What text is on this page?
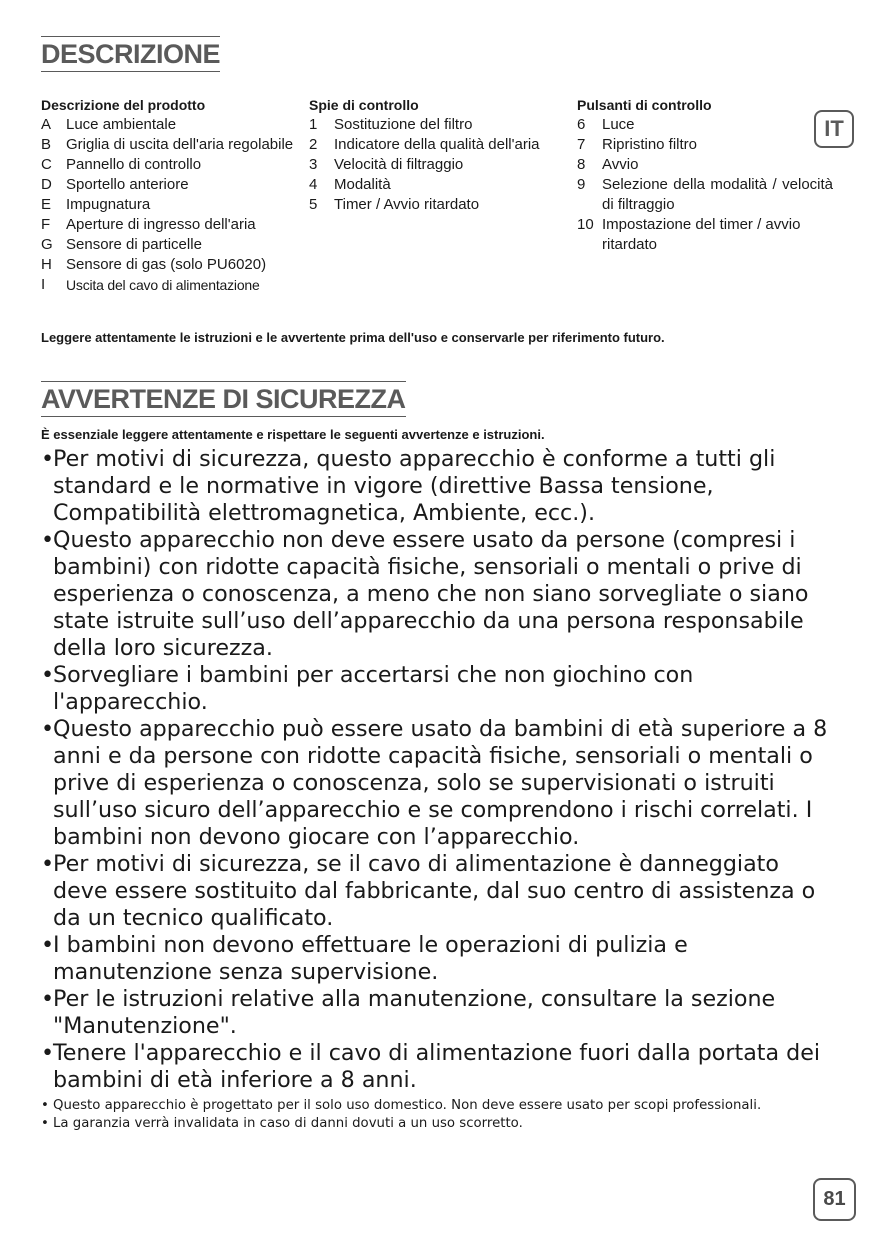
DESCRIZIONE
IT
Descrizione del prodotto
A Luce ambientale
B Griglia di uscita dell'aria regolabile
C Pannello di controllo
D Sportello anteriore
E Impugnatura
F	Aperture di ingresso dell'aria
G Sensore di particelle
H Sensore di gas (solo PU6020)
I	Uscita del cavo di alimentazione
Spie di controllo
1	Sostituzione del filtro
2	Indicatore della qualità dell'aria
3	Velocità di filtraggio
4	Modalità
5	Timer / Avvio ritardato
Pulsanti di controllo
6	Luce
7	Ripristino filtro
8	Avvio
9	Selezione della modalità / velocità di filtraggio
10 Impostazione del timer / avvio ritardato
Leggere attentamente le istruzioni e le avvertente prima dell'uso e conservarle per riferimento futuro.
AVVERTENZE DI SICUREZZA
È essenziale leggere attentamente e rispettare le seguenti avvertenze e istruzioni.
• Per motivi di sicurezza, questo apparecchio è conforme a tutti gli standard e le normative in vigore (direttive Bassa tensione, Compatibilità elettromagnetica, Ambiente, ecc.).
• Questo apparecchio non deve essere usato da persone (compresi i bambini) con ridotte capacità fisiche, sensoriali o mentali o prive di esperienza o conoscenza, a meno che non siano sorvegliate o siano state istruite sull’uso dell’apparecchio da una persona responsabile della loro sicurezza.
• Sorvegliare i bambini per accertarsi che non giochino con l'apparecchio.
• Questo apparecchio può essere usato da bambini di età superiore a 8 anni e da persone con ridotte capacità fisiche, sensoriali o mentali o prive di esperienza o conoscenza, solo se supervisionati o istruiti sull’uso sicuro dell’apparecchio e se comprendono i rischi correlati. I bambini non devono giocare con l’apparecchio.
• Per motivi di sicurezza, se il cavo di alimentazione è danneggiato deve essere sostituito dal fabbricante, dal suo centro di assistenza o da un tecnico qualificato.
• I bambini non devono effettuare le operazioni di pulizia e manutenzione senza supervisione.
• Per le istruzioni relative alla manutenzione, consultare la sezione "Manutenzione".
• Tenere l'apparecchio e il cavo di alimentazione fuori dalla portata dei bambini di età inferiore a 8 anni.
• Questo apparecchio è progettato per il solo uso domestico. Non deve essere usato per scopi professionali.
• La garanzia verrà invalidata in caso di danni dovuti a un uso scorretto.
81
